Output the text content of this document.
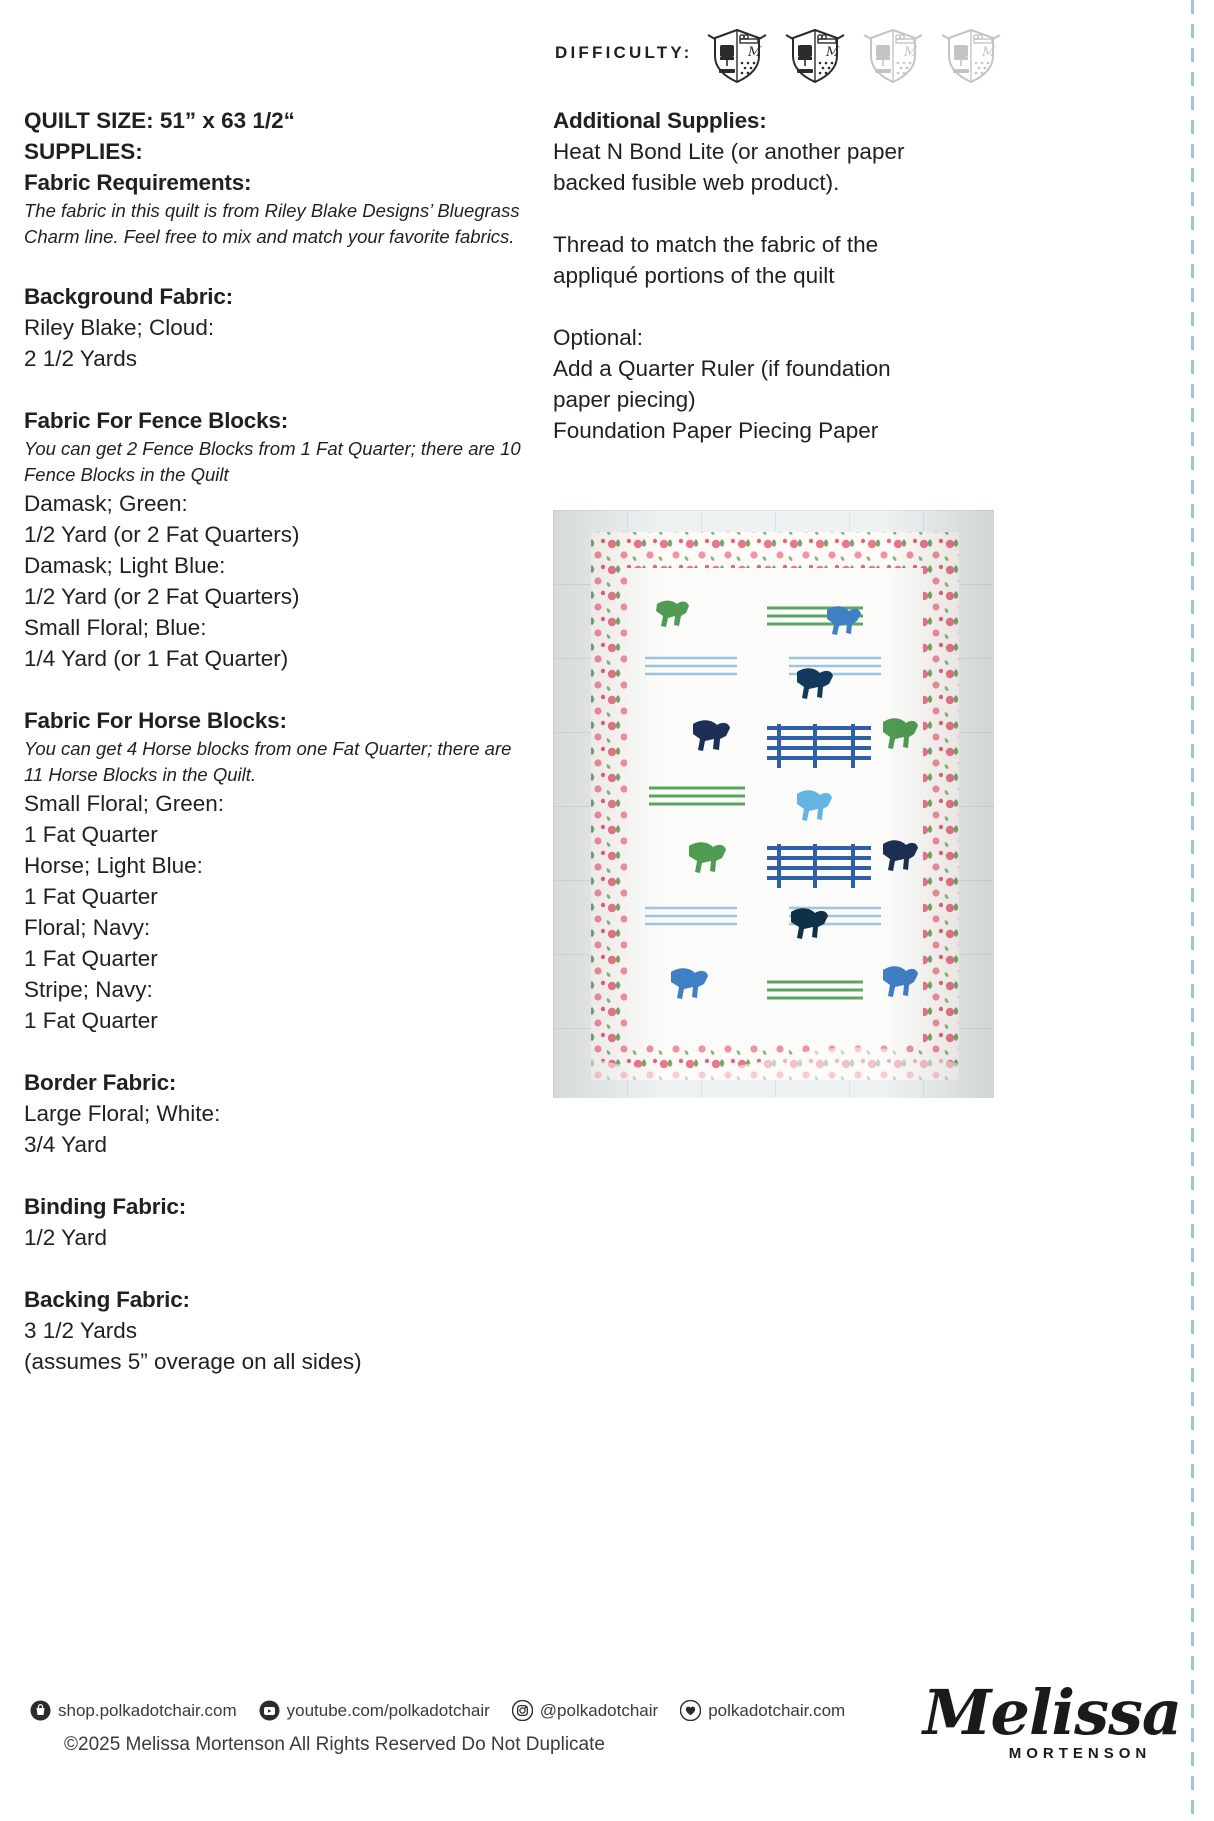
DIFFICULTY:	M	M	M	M
QUILT SIZE: 51” x 63 1/2“
SUPPLIES:
Fabric Requirements:
The fabric in this quilt is from Riley Blake Designs’ Bluegrass Charm line. Feel free to mix and match your favorite fabrics.
Background Fabric:
Riley Blake; Cloud:
2 1/2 Yards
Fabric For Fence Blocks:
You can get 2 Fence Blocks from 1 Fat Quarter; there are 10 Fence Blocks in the Quilt
Damask; Green:
1/2 Yard (or 2 Fat Quarters)
Damask; Light Blue:
1/2 Yard (or 2 Fat Quarters)
Small Floral; Blue:
1/4 Yard (or 1 Fat Quarter)
Fabric For Horse Blocks:
You can get 4 Horse blocks from one Fat Quarter; there are 11 Horse Blocks in the Quilt.
Small Floral; Green:
1 Fat Quarter
Horse; Light Blue:
1 Fat Quarter
Floral; Navy:
1 Fat Quarter
Stripe; Navy:
1 Fat Quarter
Border Fabric:
Large Floral; White:
3/4 Yard
Binding Fabric:
1/2 Yard
Backing Fabric:
3 1/2 Yards
(assumes 5” overage on all sides)
Additional Supplies:
Heat N Bond Lite (or another paper
backed fusible web product).
Thread to match the fabric of the
appliqué portions of the quilt
Optional:
Add a Quarter Ruler (if foundation
paper piecing)
Foundation Paper Piecing Paper
shop.polkadotchair.com	youtube.com/polkadotchair	@polkadotchair	polkadotchair.com
©2025 Melissa Mortenson All Rights Reserved Do Not Duplicate	Melissa
MORTENSON
